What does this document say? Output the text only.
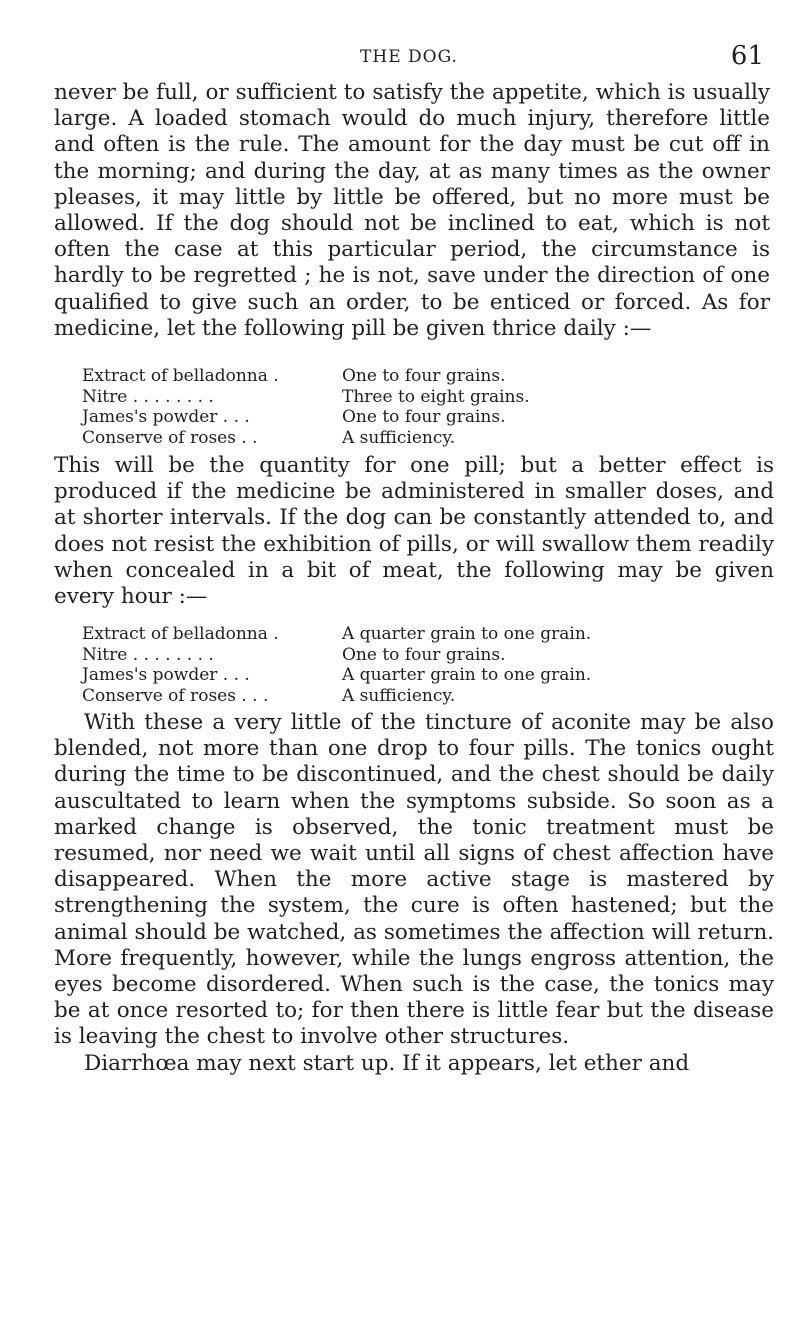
THE DOG.	61

never be full, or sufficient to satisfy the appetite, which is usually large. A loaded stomach would do much injury, therefore little and often is the rule. The amount for the day must be cut off in the morning; and during the day, at as many times as the owner pleases, it may little by little be offered, but no more must be allowed. If the dog should not be inclined to eat, which is not often the case at this particular period, the circumstance is hardly to be regretted ; he is not, save under the direction of one qualified to give such an order, to be enticed or forced. As for medicine, let the following pill be given thrice daily :—

Extract of belladonna .	One to four grains.
Nitre . . . . . . . .	Three to eight grains.
James's powder . . .	One to four grains.
Conserve of roses . .	A sufficiency.

This will be the quantity for one pill; but a better effect is produced if the medicine be administered in smaller doses, and at shorter intervals. If the dog can be constantly attended to, and does not resist the exhibition of pills, or will swallow them readily when concealed in a bit of meat, the following may be given every hour :—

Extract of belladonna .	A quarter grain to one grain.
Nitre . . . . . . . .	One to four grains.
James's powder . . .	A quarter grain to one grain.
Conserve of roses . . .	A sufficiency.

With these a very little of the tincture of aconite may be also blended, not more than one drop to four pills. The tonics ought during the time to be discontinued, and the chest should be daily auscultated to learn when the symptoms subside. So soon as a marked change is observed, the tonic treatment must be resumed, nor need we wait until all signs of chest affection have disappeared. When the more active stage is mastered by strengthening the system, the cure is often hastened; but the animal should be watched, as sometimes the affection will return. More frequently, however, while the lungs engross attention, the eyes become disordered. When such is the case, the tonics may be at once resorted to; for then there is little fear but the disease is leaving the chest to involve other structures.

Diarrhœa may next start up. If it appears, let ether and
